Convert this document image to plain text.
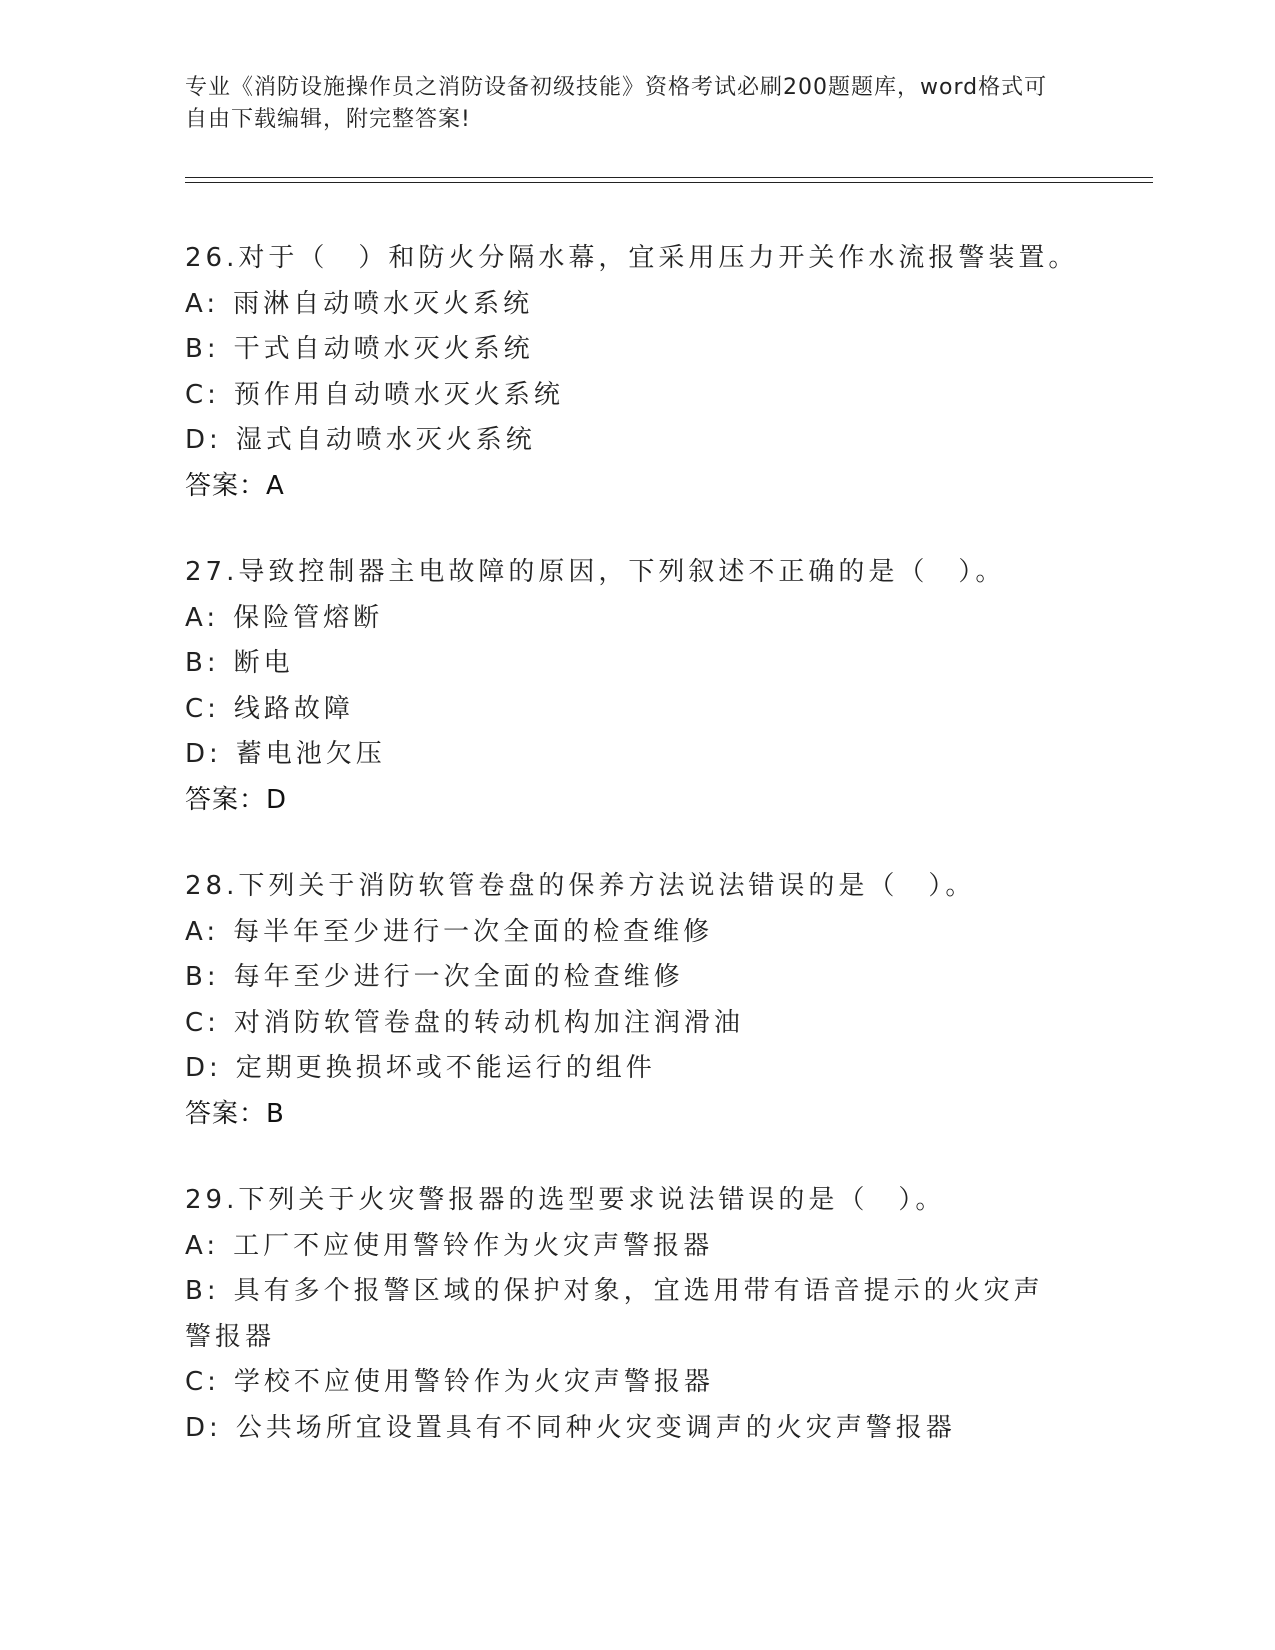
专业《消防设施操作员之消防设备初级技能》资格考试必刷200题题库，word格式可自由下载编辑，附完整答案!
26 . 对于（　）和防火分隔水幕，宜采用压力开关作水流报警装置。
A : 雨淋自动喷水灭火系统
B : 干式自动喷水灭火系统
C : 预作用自动喷水灭火系统
D : 湿式自动喷水灭火系统
答案：A
27 . 导致控制器主电故障的原因，下列叙述不正确的是（　）。
A : 保险管熔断
B : 断电
C : 线路故障
D : 蓄电池欠压
答案：D
28 . 下列关于消防软管卷盘的保养方法说法错误的是（　）。
A : 每半年至少进行一次全面的检查维修
B : 每年至少进行一次全面的检查维修
C : 对消防软管卷盘的转动机构加注润滑油
D : 定期更换损坏或不能运行的组件
答案：B
29 . 下列关于火灾警报器的选型要求说法错误的是（　）。
A : 工厂不应使用警铃作为火灾声警报器
B : 具有多个报警区域的保护对象，宜选用带有语音提示的火灾声警报器
C : 学校不应使用警铃作为火灾声警报器
D : 公共场所宜设置具有不同种火灾变调声的火灾声警报器
